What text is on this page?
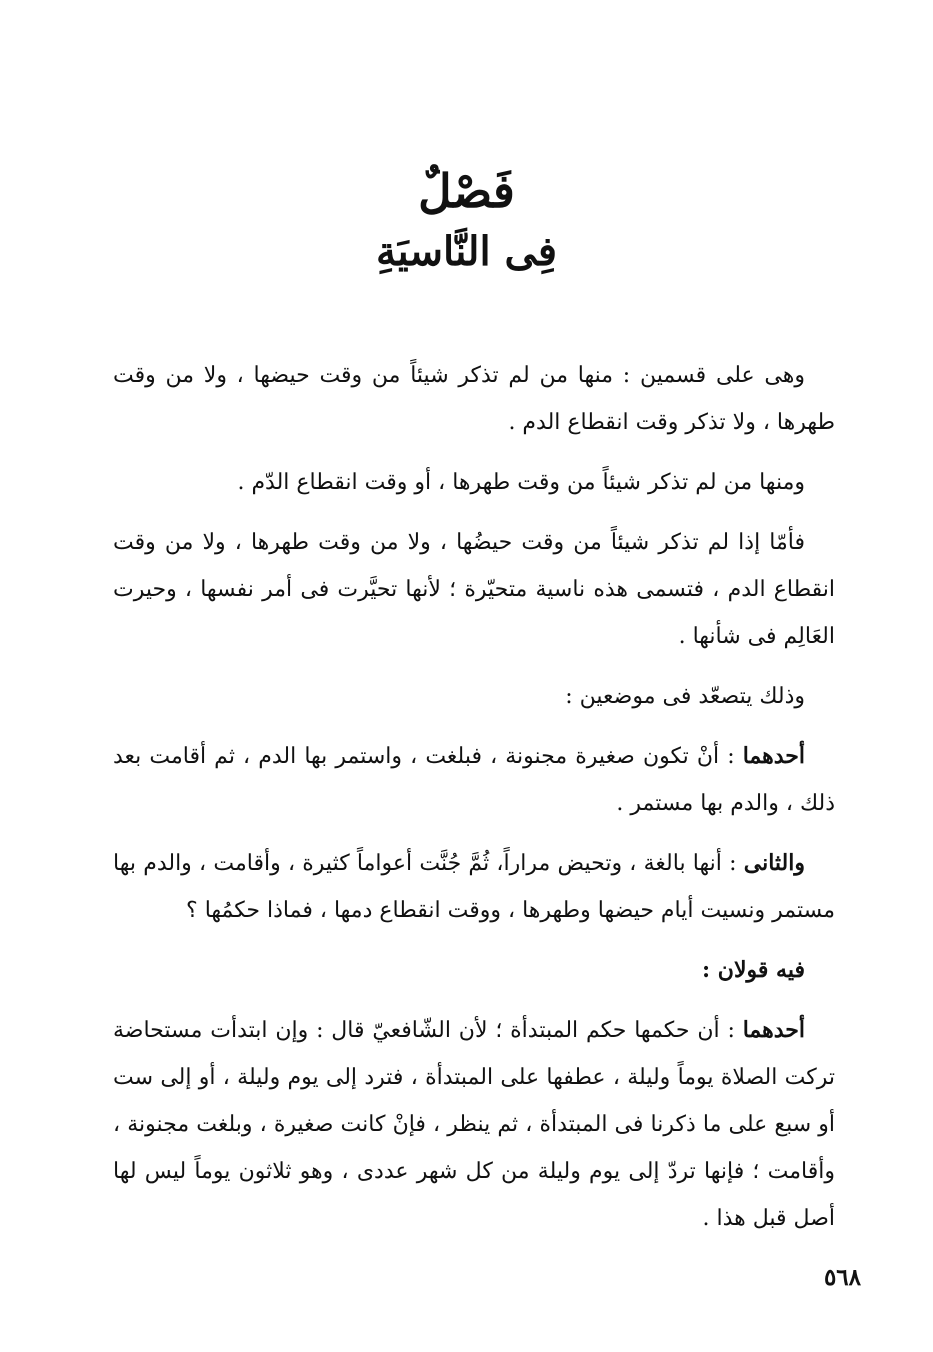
فَصْلٌ
فِى النَّاسيَةِ

وهى على قسمين : منها من لم تذكر شيئاً من وقت حيضها ، ولا من وقت طهرها ، ولا تذكر وقت انقطاع الدم .

ومنها من لم تذكر شيئاً من وقت طهرها ، أو وقت انقطاع الدّم .

فأمّا إذا لم تذكر شيئاً من وقت حيضُها ، ولا من وقت طهرها ، ولا من وقت انقطاع الدم ، فتسمى هذه ناسية متحيّرة ؛ لأنها تحيَّرت فى أمر نفسها ، وحيرت العَالِم فى شأنها .

وذلك يتصعّد فى موضعين :

أحدهما : أنْ تكون صغيرة مجنونة ، فبلغت ، واستمر بها الدم ، ثم أقامت بعد ذلك ، والدم بها مستمر .

والثانى : أنها بالغة ، وتحيض مراراً، ثُمَّ جُنَّت أعواماً كثيرة ، وأقامت ، والدم بها مستمر ونسيت أيام حيضها وطهرها ، ووقت انقطاع دمها ، فماذا حكمُها ؟

فيه قولان :

أحدهما : أن حكمها حكم المبتدأة ؛ لأن الشّافعيّ قال : وإن ابتدأت مستحاضة تركت الصلاة يوماً وليلة ، عطفها على المبتدأة ، فترد إلى يوم وليلة ، أو إلى ست أو سبع على ما ذكرنا فى المبتدأة ، ثم ينظر ، فإنْ كانت صغيرة ، وبلغت مجنونة ، وأقامت ؛ فإنها تردّ إلى يوم وليلة من كل شهر عددى ، وهو ثلاثون يوماً ليس لها أصل قبل هذا .

٥٦٨
